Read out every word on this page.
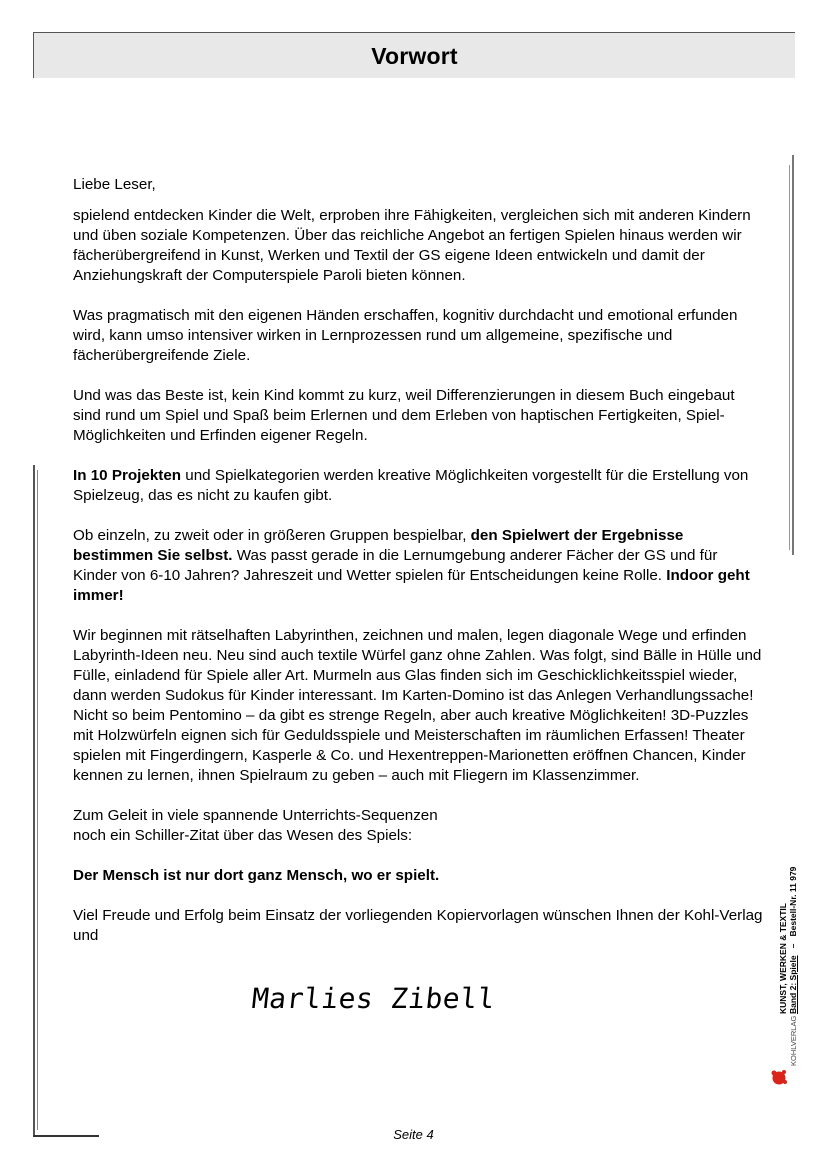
Vorwort

Liebe Leser,

spielend entdecken Kinder die Welt, erproben ihre Fähigkeiten, vergleichen sich mit anderen Kindern und üben soziale Kompetenzen. Über das reichliche Angebot an fertigen Spielen hinaus werden wir fächerübergreifend in Kunst, Werken und Textil der GS eigene Ideen entwickeln und damit der Anziehungskraft der Computerspiele Paroli bieten können.

Was pragmatisch mit den eigenen Händen erschaffen, kognitiv durchdacht und emotional erfunden wird, kann umso intensiver wirken in Lernprozessen rund um allgemeine, spezifische und fächerübergreifende Ziele.

Und was das Beste ist, kein Kind kommt zu kurz, weil Differenzierungen in diesem Buch eingebaut sind rund um Spiel und Spaß beim Erlernen und dem Erleben von haptischen Fertigkeiten, Spiel-Möglichkeiten und Erfinden eigener Regeln.

In 10 Projekten und Spielkategorien werden kreative Möglichkeiten vorgestellt für die Erstellung von Spielzeug, das es nicht zu kaufen gibt.

Ob einzeln, zu zweit oder in größeren Gruppen bespielbar, den Spielwert der Ergebnisse bestimmen Sie selbst. Was passt gerade in die Lernumgebung anderer Fächer der GS und für Kinder von 6-10 Jahren? Jahreszeit und Wetter spielen für Entscheidungen keine Rolle. Indoor geht immer!

Wir beginnen mit rätselhaften Labyrinthen, zeichnen und malen, legen diagonale Wege und erfinden Labyrinth-Ideen neu. Neu sind auch textile Würfel ganz ohne Zahlen. Was folgt, sind Bälle in Hülle und Fülle, einladend für Spiele aller Art. Murmeln aus Glas finden sich im Geschicklichkeitsspiel wieder, dann werden Sudokus für Kinder interessant. Im Karten-Domino ist das Anlegen Verhandlungssache! Nicht so beim Pentomino – da gibt es strenge Regeln, aber auch kreative Möglichkeiten! 3D-Puzzles mit Holzwürfeln eignen sich für Geduldsspiele und Meisterschaften im räumlichen Erfassen! Theater spielen mit Fingerdingern, Kasperle & Co. und Hexentreppen-Marionetten eröffnen Chancen, Kinder kennen zu lernen, ihnen Spielraum zu geben – auch mit Fliegern im Klassenzimmer.

Zum Geleit in viele spannende Unterrichts-Sequenzen
noch ein Schiller-Zitat über das Wesen des Spiels:

Der Mensch ist nur dort ganz Mensch, wo er spielt.

Viel Freude und Erfolg beim Einsatz der vorliegenden Kopiervorlagen wünschen Ihnen der Kohl-Verlag und

Marlies Zibell	KUNST, WERKEN & TEXTIL Band 2: Spiele   –   Bestell-Nr. 11 979
KOHLVERLAG
Seite 4
